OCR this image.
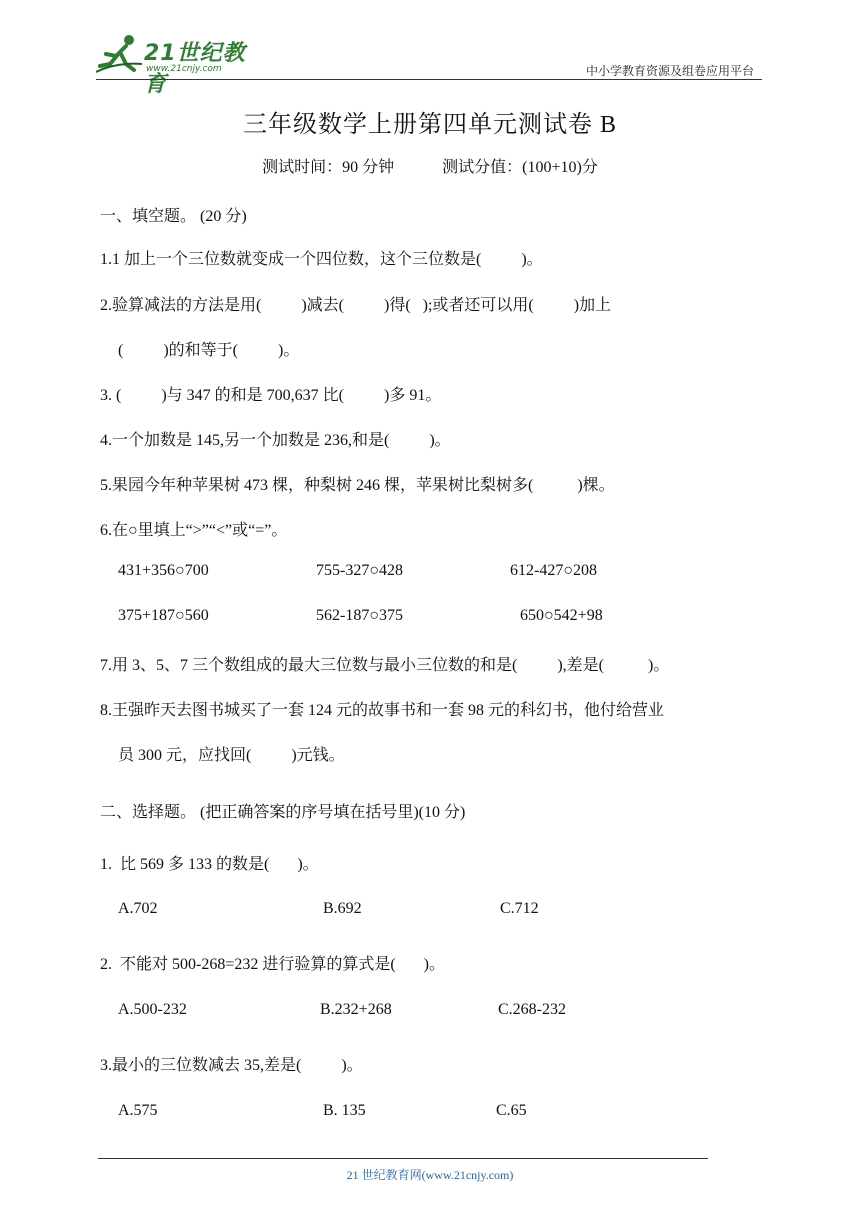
21世纪教育
www.21cnjy.com	中小学教育资源及组卷应用平台
三年级数学上册第四单元测试卷 B
测试时间：90 分钟	测试分值：(100+10)分
一、填空题。 (20 分)
1.1 加上一个三位数就变成一个四位数，这个三位数是(          )。
2.验算减法的方法是用(          )减去(          )得(   );或者还可以用(          )加上
(          )的和等于(          )。
3. (          )与 347 的和是 700,637 比(          )多 91。
4.一个加数是 145,另一个加数是 236,和是(          )。
5.果园今年种苹果树 473 棵，种梨树 246 棵，苹果树比梨树多(           )棵。
6.在○里填上“>”“<”或“=”。
431+356○700	755-327○428	612-427○208
375+187○560	562-187○375	650○542+98
7.用 3、5、7 三个数组成的最大三位数与最小三位数的和是(          ),差是(           )。
8.王强昨天去图书城买了一套 124 元的故事书和一套 98 元的科幻书，他付给营业
员 300 元，应找回(          )元钱。
二、选择题。 (把正确答案的序号填在括号里)(10 分)
1.  比 569 多 133 的数是(       )。
A.702	B.692	C.712
2.  不能对 500-268=232 进行验算的算式是(       )。
A.500-232	B.232+268	C.268-232
3.最小的三位数减去 35,差是(          )。
A.575	B. 135	C.65
21 世纪教育网(www.21cnjy.com)
